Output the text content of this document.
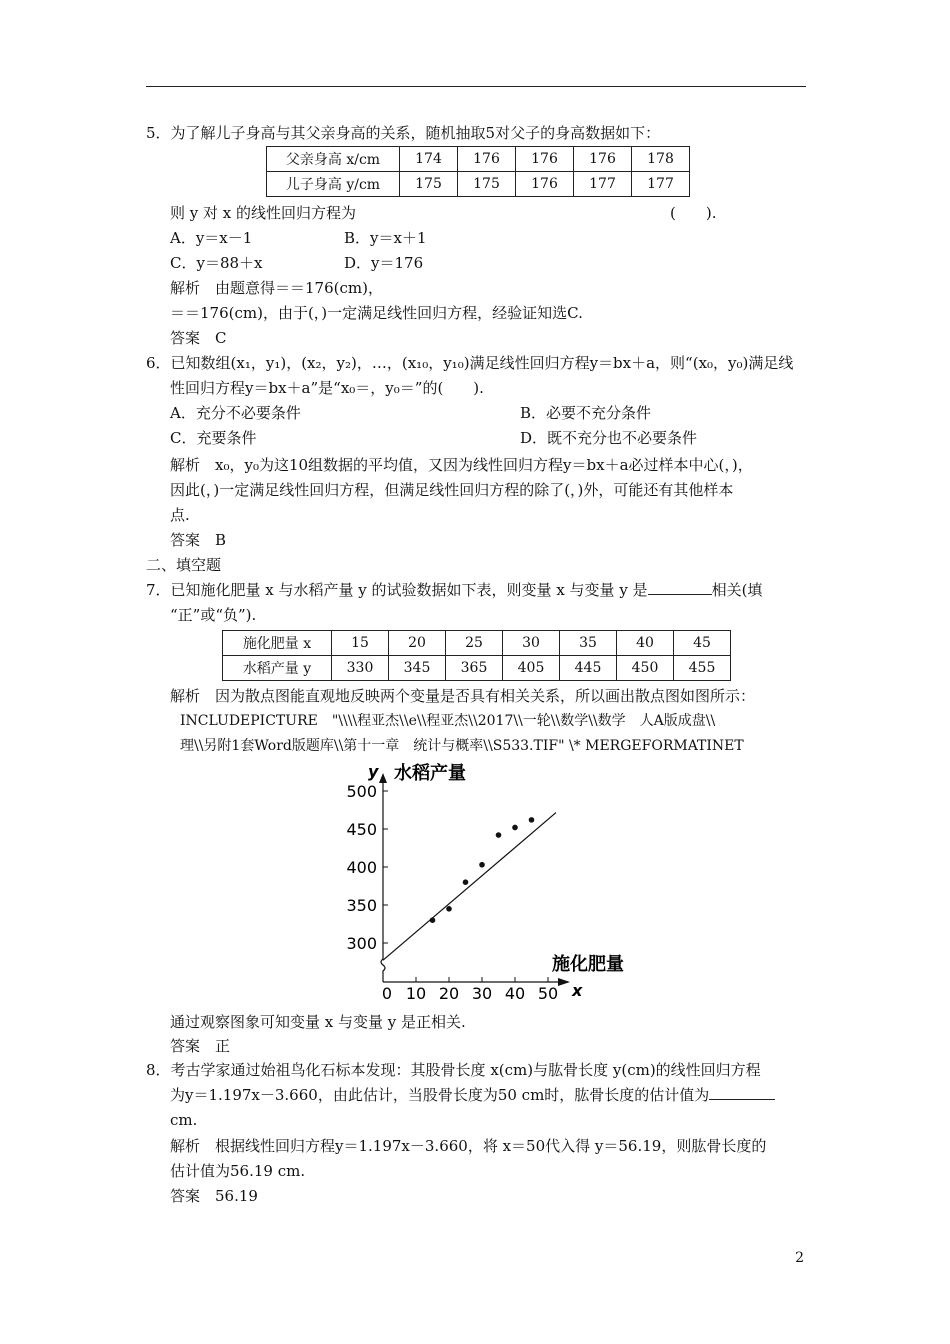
5．为了解儿子身高与其父亲身高的关系，随机抽取5对父子的身高数据如下：
父亲身高 x/cm	174	176	176	176	178
儿子身高 y/cm	175	175	176	177	177
则 y 对 x 的线性回归方程为	(　　).
A．y＝x－1	B．y＝x＋1
C．y＝88＋x	D．y＝176
解析　由题意得＝＝176(cm)，
＝＝176(cm)，由于(，)一定满足线性回归方程，经验证知选C.
答案　C
6．已知数组(x₁，y₁)，(x₂，y₂)，…，(x₁₀，y₁₀)满足线性回归方程y＝bx＋a，则“(x₀，y₀)满足线
性回归方程y＝bx＋a”是“x₀＝，y₀＝”的(　　).
A．充分不必要条件	B．必要不充分条件
C．充要条件	D．既不充分也不必要条件
解析　x₀，y₀为这10组数据的平均值，又因为线性回归方程y＝bx＋a必过样本中心(，)，
因此(，)一定满足线性回归方程，但满足线性回归方程的除了(，)外，可能还有其他样本
点.
答案　B
二、填空题
7．已知施化肥量 x 与水稻产量 y 的试验数据如下表，则变量 x 与变量 y 是	相关(填
“正”或“负”).
施化肥量 x	15	20	25	30	35	40	45
水稻产量 y	330	345	365	405	445	450	455
解析　因为散点图能直观地反映两个变量是否具有相关关系，所以画出散点图如图所示：
INCLUDEPICTURE　"\\\\程亚杰\\e\\程亚杰\\2017\\一轮\\数学\\数学　人A版成盘\\
理\\另附1套Word版题库\\第十一章　统计与概率\\S533.TIF" \* MERGEFORMATINET
300
350
400
450
500
0 10 20 30 40 50
y 水稻产量
施化肥量
x
通过观察图象可知变量 x 与变量 y 是正相关.
答案　正
8．考古学家通过始祖鸟化石标本发现：其股骨长度 x(cm)与肱骨长度 y(cm)的线性回归方程
为y＝1.197x－3.660，由此估计，当股骨长度为50 cm时，肱骨长度的估计值为
cm.
解析　根据线性回归方程y＝1.197x－3.660，将 x＝50代入得 y＝56.19，则肱骨长度的
估计值为56.19 cm.
答案　56.19
2
